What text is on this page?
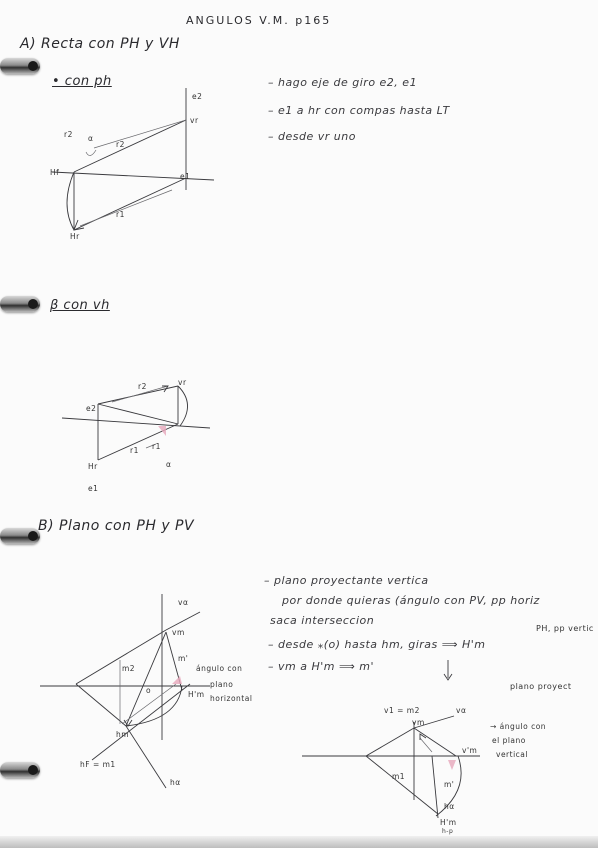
ANGULOS V.M. p165
A) Recta con PH y VH
• con ph	– hago eje de giro e2, e1
– e1 a hr con compas hasta LT
– desde vr uno
β con vh
B) Plano con PH y PV
– plano proyectante vertica
por donde quieras (ángulo con PV, pp horiz
saca interseccion
– desde ⁎(o) hasta hm, giras ⟹ H'm
– vm a H'm ⟹ m'
PH, pp vertic
plano proyect
e2
vr
e1
r2 α
r2
r1
Hf
Hr
vr
r2
e2
r1 r1
Hr
e1
α
vα
vm
m2
m'
ángulo con
plano
horizontal
o	H'm
hm
hF = m1
hα
v1 = m2	vα
vm	→ ángulo con
el plano
vertical
v'm
m1
m'
hα
H'm
h-p
